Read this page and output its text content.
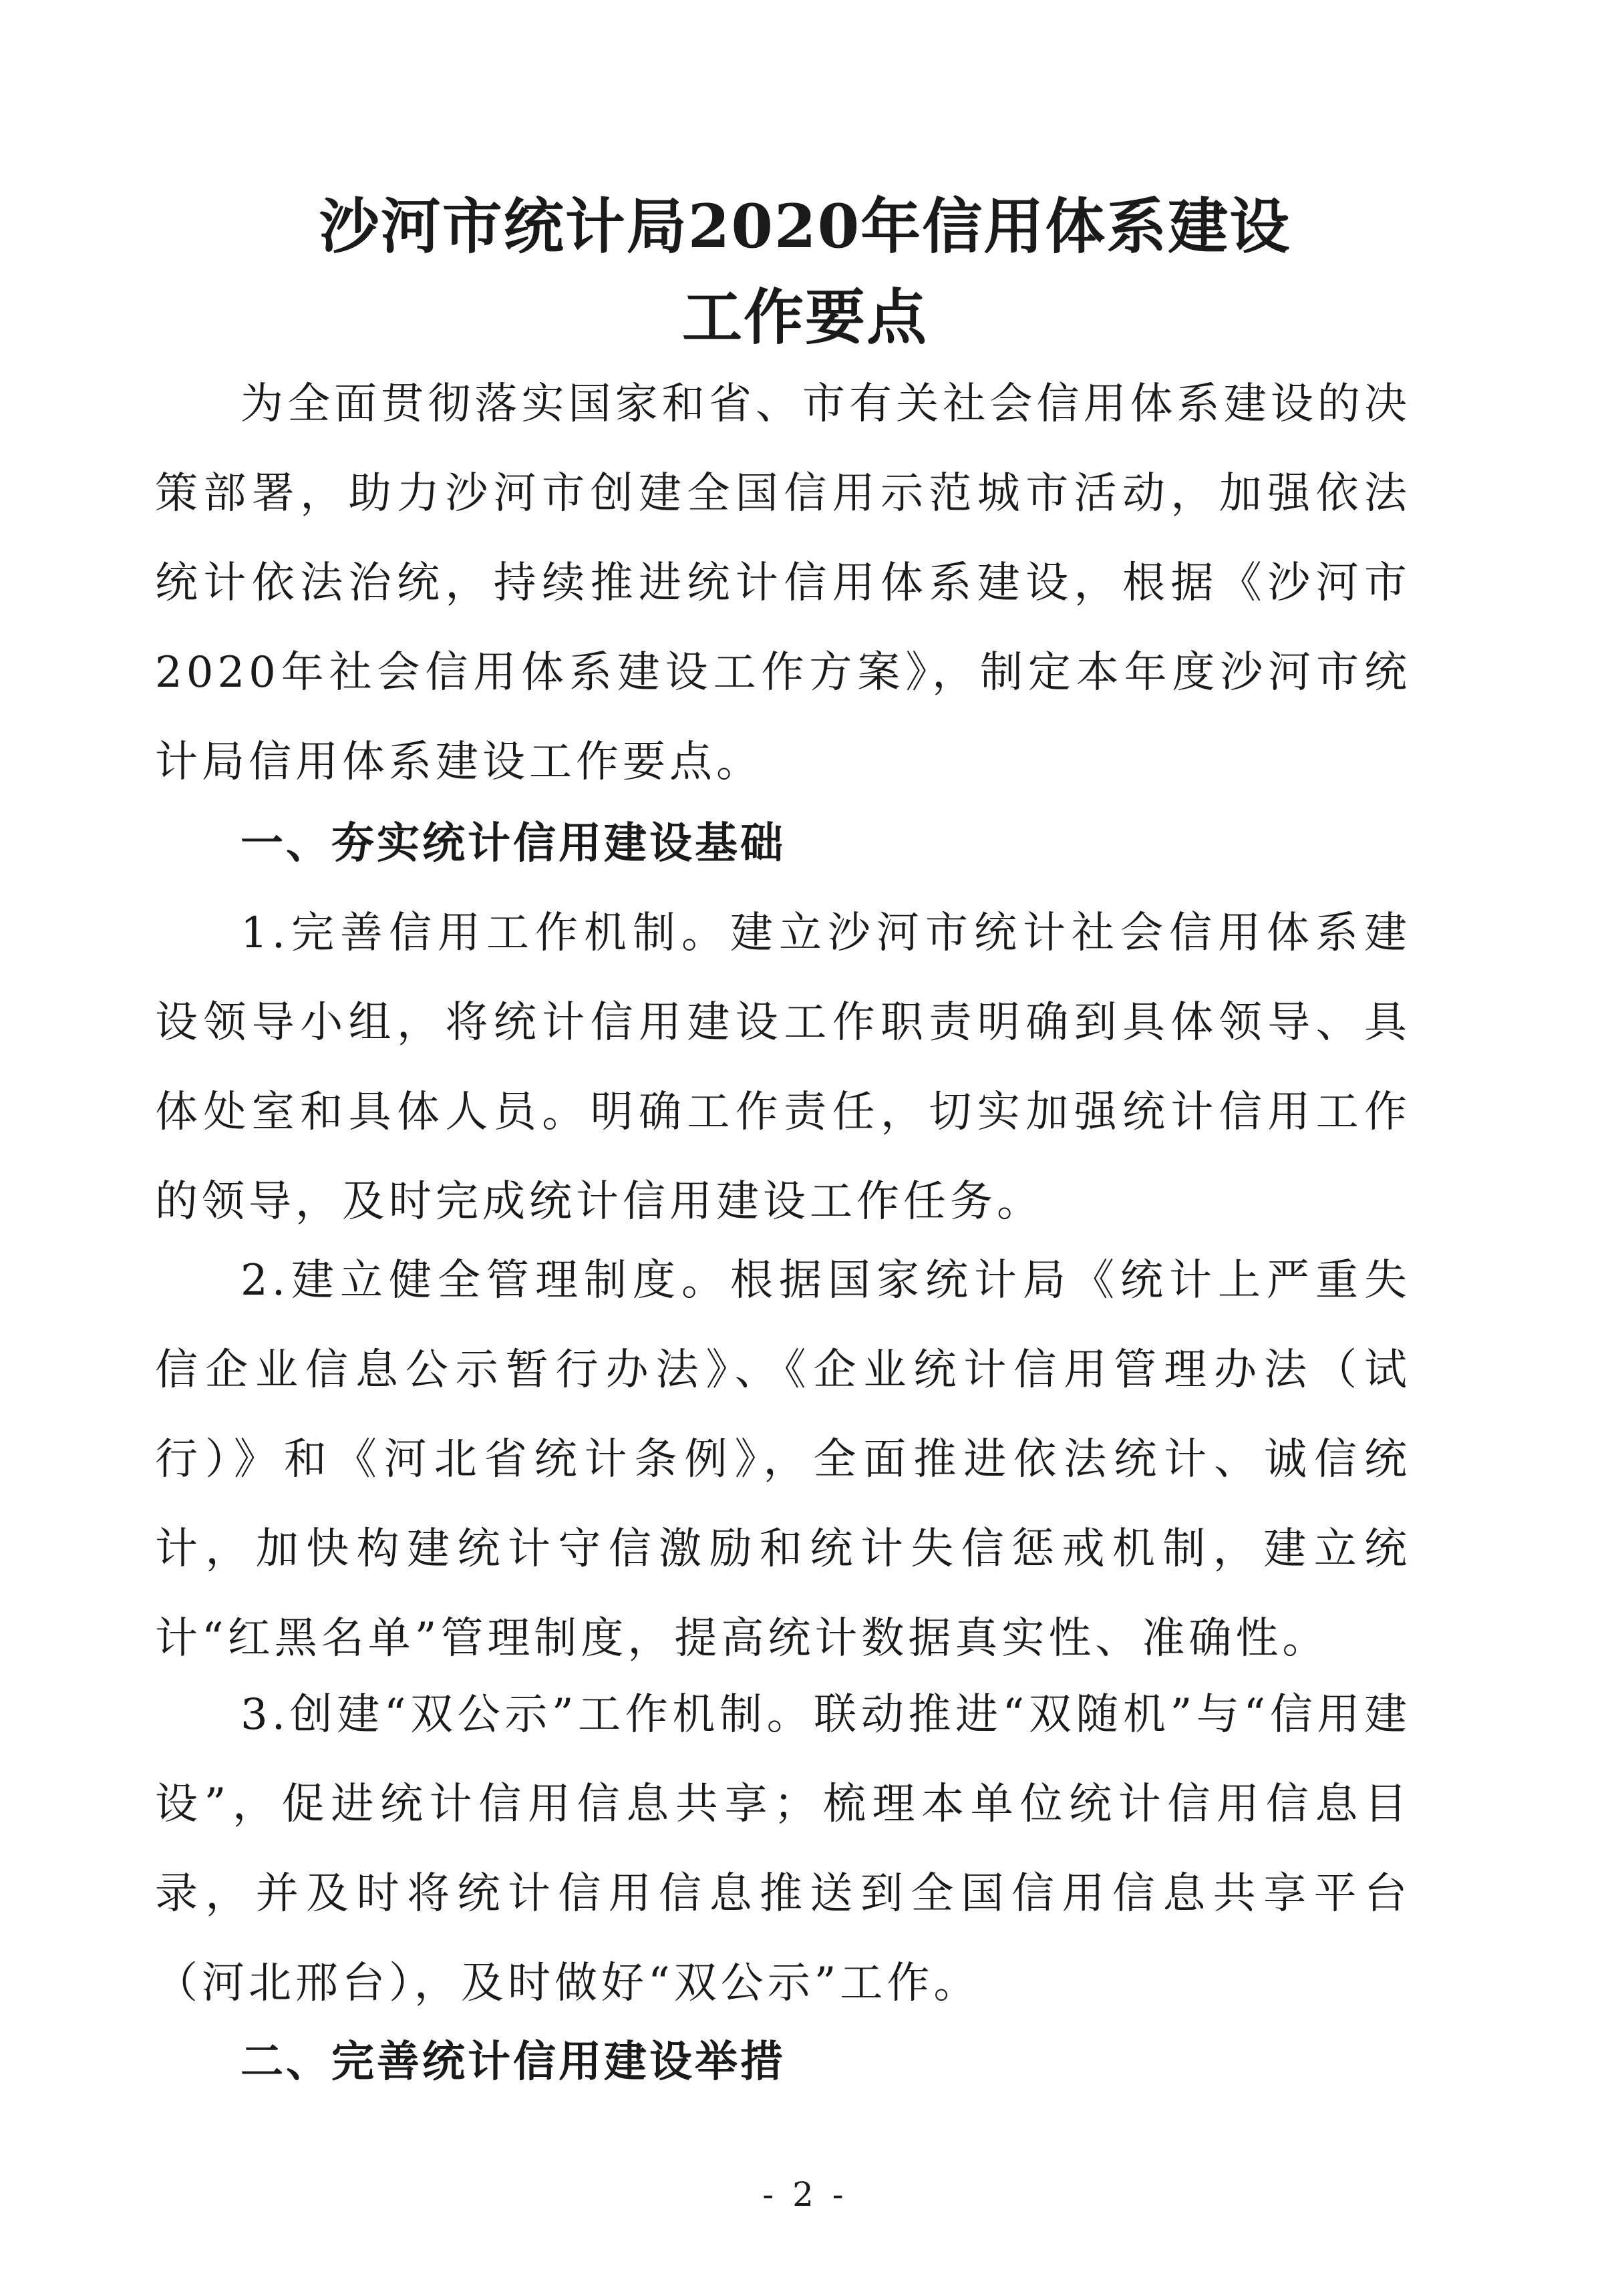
沙河市统计局2020年信用体系建设
工作要点

为全面贯彻落实国家和省、市有关社会信用体系建设的决策部署，助力沙河市创建全国信用示范城市活动，加强依法统计依法治统，持续推进统计信用体系建设，根据《沙河市2020年社会信用体系建设工作方案》，制定本年度沙河市统计局信用体系建设工作要点。

一、夯实统计信用建设基础

1.完善信用工作机制。建立沙河市统计社会信用体系建设领导小组，将统计信用建设工作职责明确到具体领导、具体处室和具体人员。明确工作责任，切实加强统计信用工作的领导，及时完成统计信用建设工作任务。

2.建立健全管理制度。根据国家统计局《统计上严重失信企业信息公示暂行办法》、《企业统计信用管理办法（试行）》和《河北省统计条例》，全面推进依法统计、诚信统计，加快构建统计守信激励和统计失信惩戒机制，建立统计“红黑名单”管理制度，提高统计数据真实性、准确性。

3.创建“双公示”工作机制。联动推进“双随机”与“信用建设”，促进统计信用信息共享；梳理本单位统计信用信息目录，并及时将统计信用信息推送到全国信用信息共享平台（河北邢台），及时做好“双公示”工作。

二、完善统计信用建设举措
- 2 -
